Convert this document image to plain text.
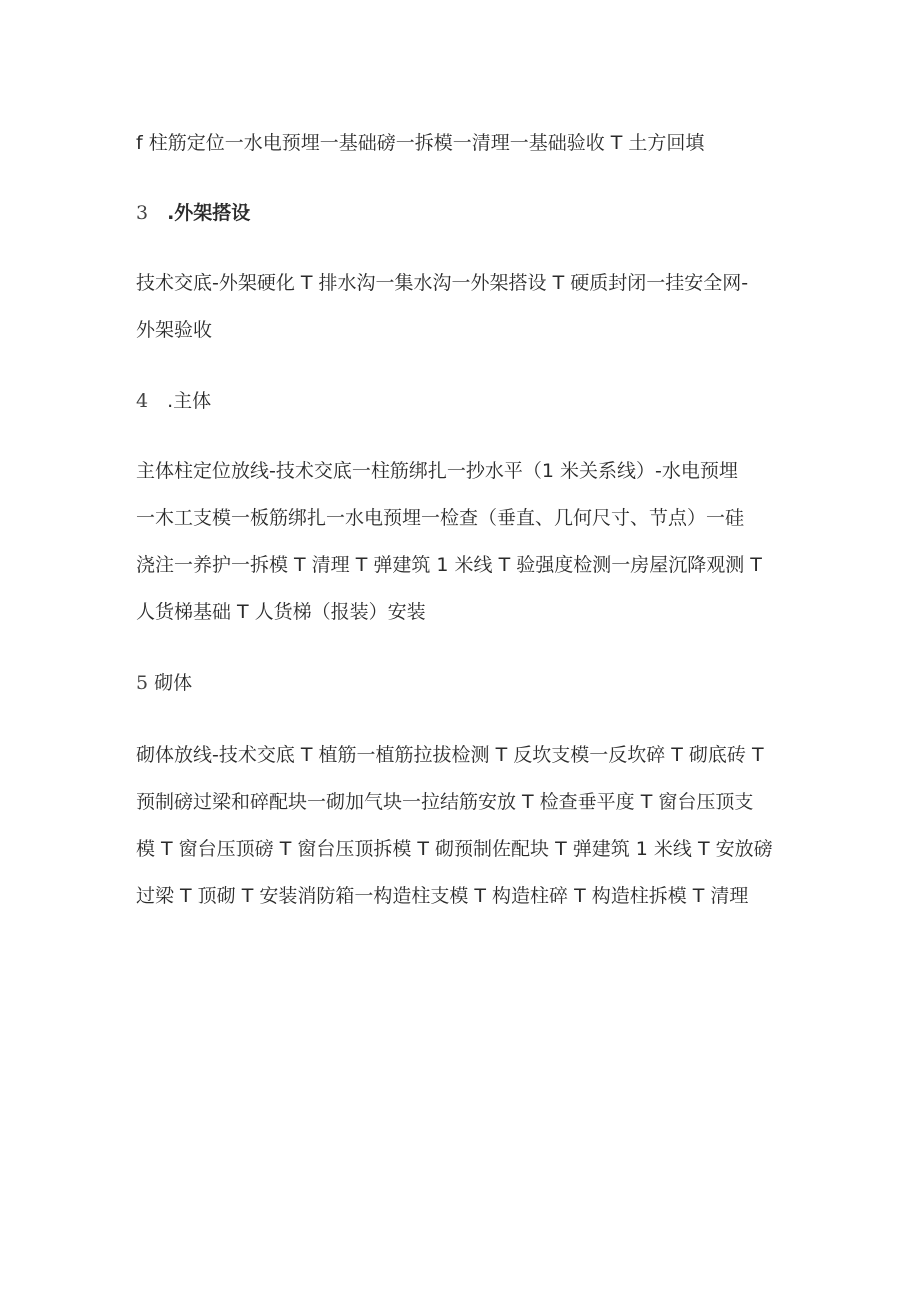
f 柱筋定位一水电预埋一基础磅一拆模一清理一基础验收 T 土方回填

3　.外架搭设

技术交底-外架硬化 T 排水沟一集水沟一外架搭设 T 硬质封闭一挂安全网-
外架验收

4　.主体

主体柱定位放线-技术交底一柱筋绑扎一抄水平（1 米关系线）-水电预埋
一木工支模一板筋绑扎一水电预埋一检查（垂直、几何尺寸、节点）一硅
浇注一养护一拆模 T 清理 T 弹建筑 1 米线 T 验强度检测一房屋沉降观测 T
人货梯基础 T 人货梯（报装）安装

5 砌体

砌体放线-技术交底 T 植筋一植筋拉拔检测 T 反坎支模一反坎碎 T 砌底砖 T
预制磅过梁和碎配块一砌加气块一拉结筋安放 T 检查垂平度 T 窗台压顶支
模 T 窗台压顶磅 T 窗台压顶拆模 T 砌预制佐配块 T 弹建筑 1 米线 T 安放磅
过梁 T 顶砌 T 安装消防箱一构造柱支模 T 构造柱碎 T 构造柱拆模 T 清理
